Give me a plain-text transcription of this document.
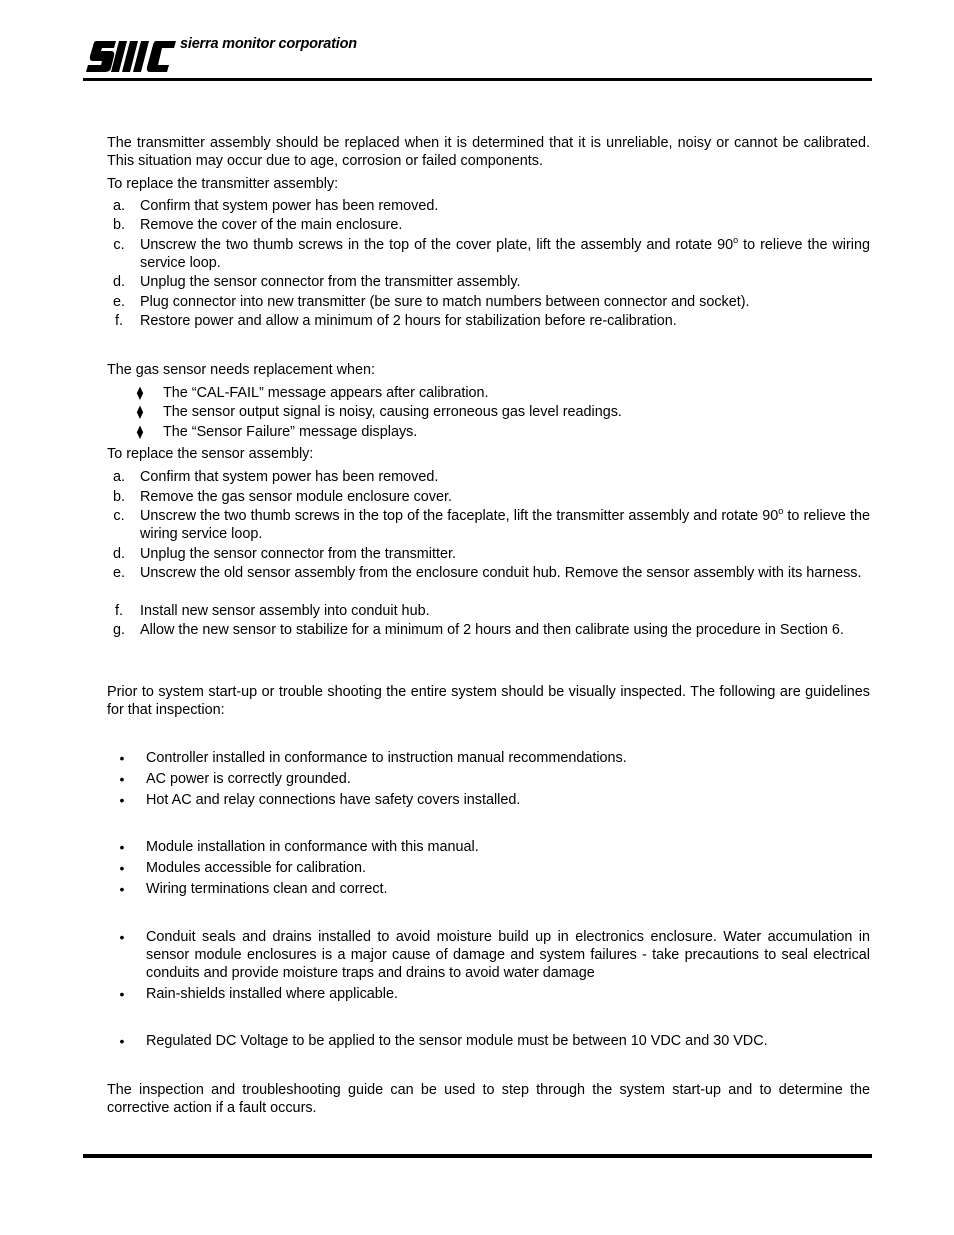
sierra monitor corporation
The transmitter assembly should be replaced when it is determined that it is unreliable, noisy or cannot be calibrated. This situation may occur due to age, corrosion or failed components.
To replace the transmitter assembly:
a.	Confirm that system power has been removed.
b.	Remove the cover of the main enclosure.
c.	Unscrew the two thumb screws in the top of the cover plate, lift the assembly and rotate 90$^o$ to relieve the wiring service loop.
d.	Unplug the sensor connector from the transmitter assembly.
e.	Plug connector into new transmitter (be sure to match numbers between connector and socket).
f.	Restore power and allow a minimum of 2 hours for stabilization before re-calibration.
The gas sensor needs replacement when:
⧫	The “CAL-FAIL” message appears after calibration.
⧫	The sensor output signal is noisy, causing erroneous gas level readings.
⧫	The “Sensor Failure” message displays.
To replace the sensor assembly:
a.	Confirm that system power has been removed.
b.	Remove the gas sensor module enclosure cover.
c.	Unscrew the two thumb screws in the top of the faceplate, lift the transmitter assembly and rotate 90$^o$ to relieve the wiring service loop.
d.	Unplug the sensor connector from the transmitter.
e.	Unscrew the old sensor assembly from the enclosure conduit hub. Remove the sensor assembly with its harness.
f.	Install new sensor assembly into conduit hub.
g.	Allow the new sensor to stabilize for a minimum of 2 hours and then calibrate using the procedure in Section 6.
Prior to system start-up or trouble shooting the entire system should be visually inspected. The following are guidelines for that inspection:
•	Controller installed in conformance to instruction manual recommendations.
•	AC power is correctly grounded.
•	Hot AC and relay connections have safety covers installed.
•	Module installation in conformance with this manual.
•	Modules accessible for calibration.
•	Wiring terminations clean and correct.
•	Conduit seals and drains installed to avoid moisture build up in electronics enclosure. Water accumulation in sensor module enclosures is a major cause of damage and system failures - take precautions to seal electrical conduits and provide moisture traps and drains to avoid water damage
•	Rain-shields installed where applicable.
•	Regulated DC Voltage to be applied to the sensor module must be between 10 VDC and 30 VDC.
The inspection and troubleshooting guide can be used to step through the system start-up and to determine the corrective action if a fault occurs.
